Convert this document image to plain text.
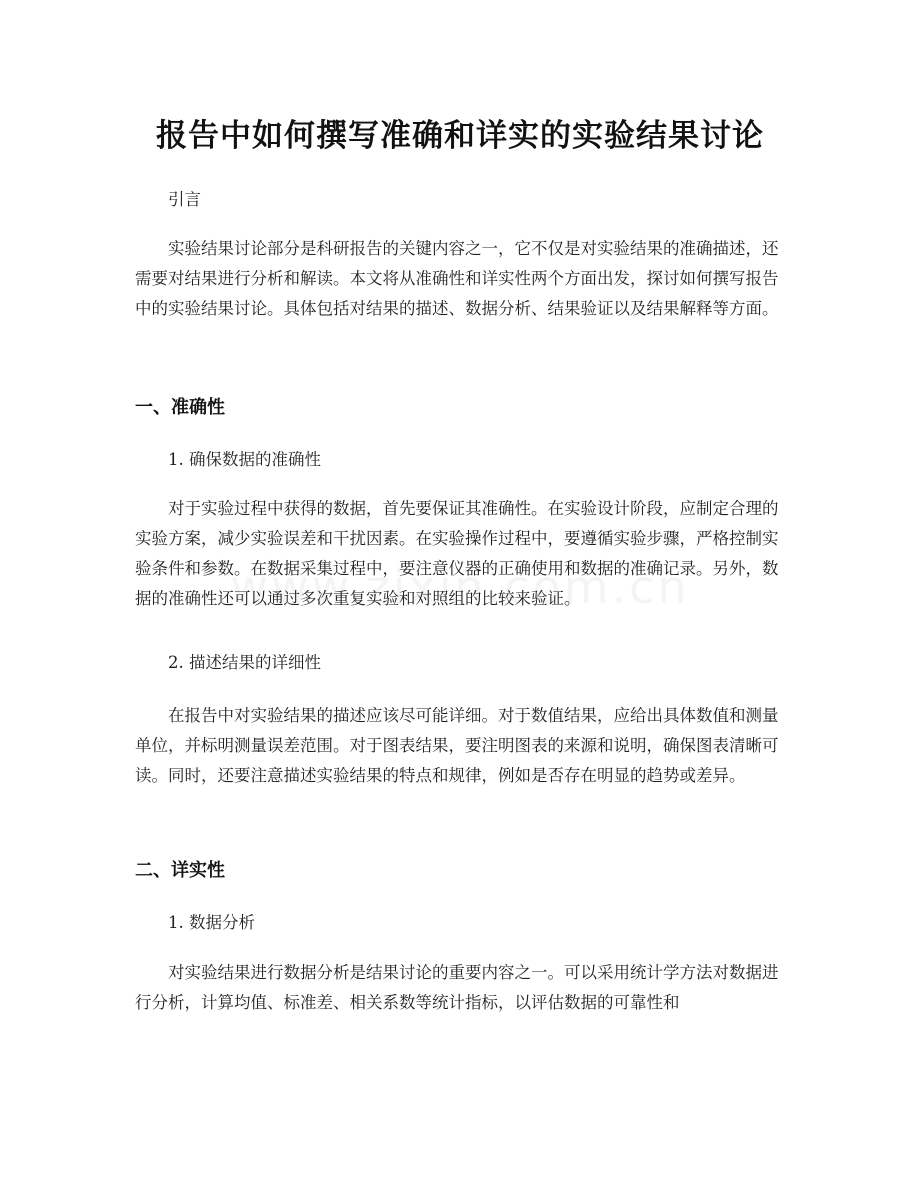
报告中如何撰写准确和详实的实验结果讨论

引言

实验结果讨论部分是科研报告的关键内容之一，它不仅是对实验结果的准确描述，还需要对结果进行分析和解读。本文将从准确性和详实性两个方面出发，探讨如何撰写报告中的实验结果讨论。具体包括对结果的描述、数据分析、结果验证以及结果解释等方面。

一、准确性

1. 确保数据的准确性

对于实验过程中获得的数据，首先要保证其准确性。在实验设计阶段，应制定合理的实验方案，减少实验误差和干扰因素。在实验操作过程中，要遵循实验步骤，严格控制实验条件和参数。在数据采集过程中，要注意仪器的正确使用和数据的准确记录。另外，数据的准确性还可以通过多次重复实验和对照组的比较来验证。

2. 描述结果的详细性

在报告中对实验结果的描述应该尽可能详细。对于数值结果，应给出具体数值和测量单位，并标明测量误差范围。对于图表结果，要注明图表的来源和说明，确保图表清晰可读。同时，还要注意描述实验结果的特点和规律，例如是否存在明显的趋势或差异。

二、详实性

1. 数据分析

对实验结果进行数据分析是结果讨论的重要内容之一。可以采用统计学方法对数据进行分析，计算均值、标准差、相关系数等统计指标，以评估数据的可靠性和
